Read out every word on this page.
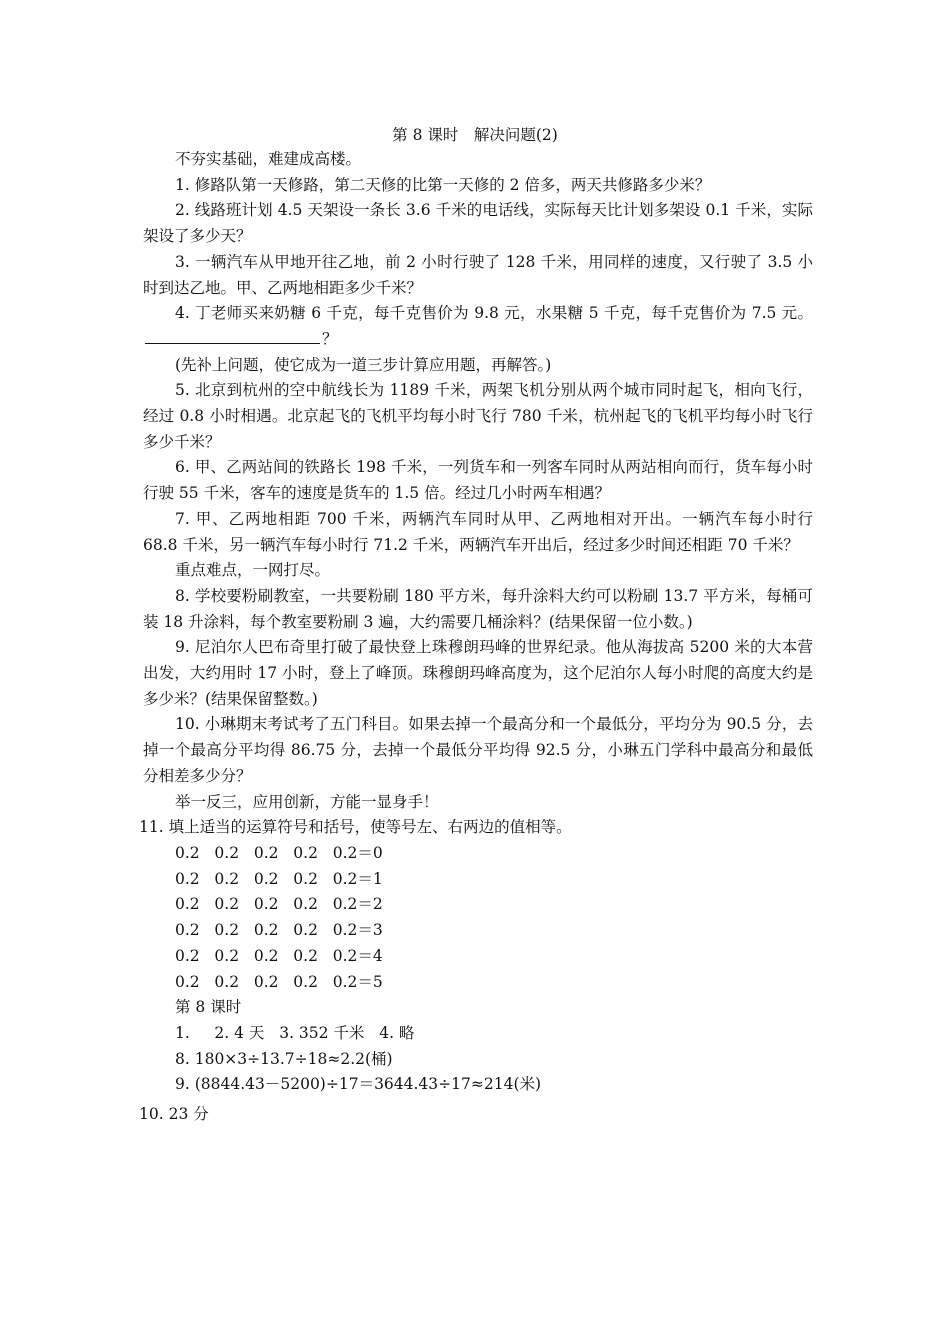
第 8 课时　解决问题(2)

不夯实基础，难建成高楼。

1. 修路队第一天修路，第二天修的比第一天修的 2 倍多，两天共修路多少米？

2. 线路班计划 4.5 天架设一条长 3.6 千米的电话线，实际每天比计划多架设 0.1 千米，实际架设了多少天？

3. 一辆汽车从甲地开往乙地，前 2 小时行驶了 128 千米，用同样的速度，又行驶了 3.5 小时到达乙地。甲、乙两地相距多少千米？

4. 丁老师买来奶糖 6 千克，每千克售价为 9.8 元，水果糖 5 千克，每千克售价为 7.5 元。？

(先补上问题，使它成为一道三步计算应用题，再解答。)

5. 北京到杭州的空中航线长为 1189 千米，两架飞机分别从两个城市同时起飞，相向飞行，经过 0.8 小时相遇。北京起飞的飞机平均每小时飞行 780 千米，杭州起飞的飞机平均每小时飞行多少千米？

6. 甲、乙两站间的铁路长 198 千米，一列货车和一列客车同时从两站相向而行，货车每小时行驶 55 千米，客车的速度是货车的 1.5 倍。经过几小时两车相遇？

7. 甲、乙两地相距 700 千米，两辆汽车同时从甲、乙两地相对开出。一辆汽车每小时行 68.8 千米，另一辆汽车每小时行 71.2 千米，两辆汽车开出后，经过多少时间还相距 70 千米？

重点难点，一网打尽。

8. 学校要粉刷教室，一共要粉刷 180 平方米，每升涂料大约可以粉刷 13.7 平方米，每桶可装 18 升涂料，每个教室要粉刷 3 遍，大约需要几桶涂料？(结果保留一位小数。)

9. 尼泊尔人巴布奇里打破了最快登上珠穆朗玛峰的世界纪录。他从海拔高 5200 米的大本营出发，大约用时 17 小时，登上了峰顶。珠穆朗玛峰高度为，这个尼泊尔人每小时爬的高度大约是多少米？(结果保留整数。)

10. 小琳期末考试考了五门科目。如果去掉一个最高分和一个最低分，平均分为 90.5 分，去掉一个最高分平均得 86.75 分，去掉一个最低分平均得 92.5 分，小琳五门学科中最高分和最低分相差多少分？

举一反三，应用创新，方能一显身手！

11. 填上适当的运算符号和括号，使等号左、右两边的值相等。

0.2   0.2   0.2   0.2   0.2＝0

0.2   0.2   0.2   0.2   0.2＝1

0.2   0.2   0.2   0.2   0.2＝2

0.2   0.2   0.2   0.2   0.2＝3

0.2   0.2   0.2   0.2   0.2＝4

0.2   0.2   0.2   0.2   0.2＝5

第 8 课时

1.     2. 4 天   3. 352 千米   4. 略

8. 180×3÷13.7÷18≈2.2(桶)

9. (8844.43－5200)÷17＝3644.43÷17≈214(米)

10. 23 分
